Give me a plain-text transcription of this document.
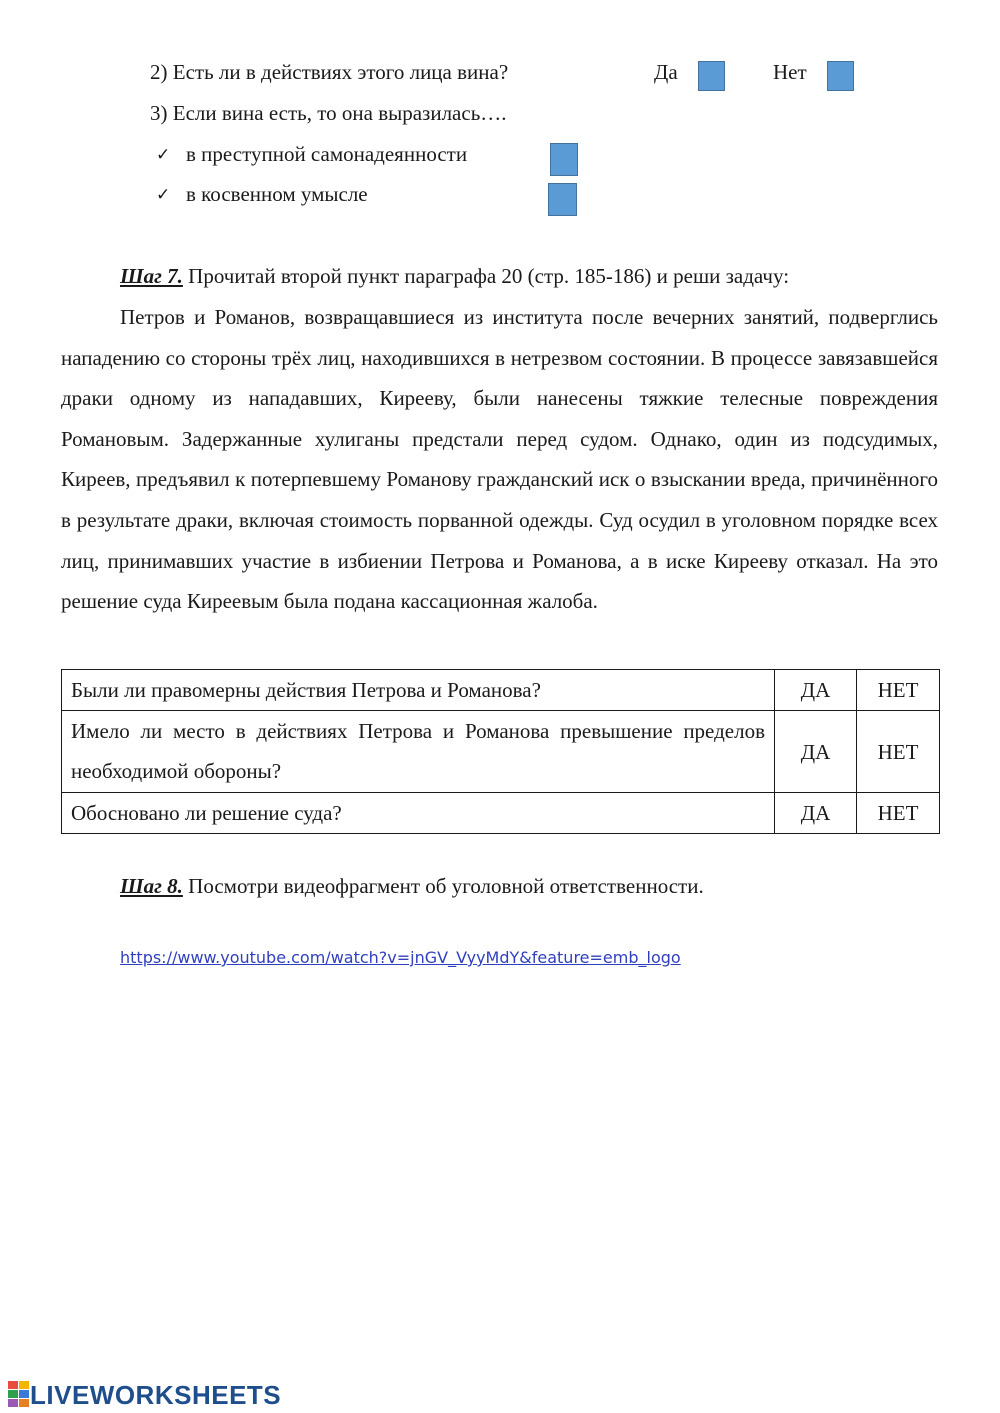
2) Есть ли в действиях этого лица вина?	Да	Нет
3) Если вина есть, то она выразилась….
✓ в преступной самонадеянности
✓ в косвенном умысле
Шаг 7. Прочитай второй пункт параграфа 20 (стр. 185-186) и реши задачу:

Петров и Романов, возвращавшиеся из института после вечерних занятий, подверглись нападению со стороны трёх лиц, находившихся в нетрезвом состоянии. В процессе завязавшейся драки одному из нападавших, Кирееву, были нанесены тяжкие телесные повреждения Романовым. Задержанные хулиганы предстали перед судом. Однако, один из подсудимых, Киреев, предъявил к потерпевшему Романову гражданский иск о взыскании вреда, причинённого в результате драки, включая стоимость порванной одежды. Суд осудил в уголовном порядке всех лиц, принимавших участие в избиении Петрова и Романова, а в иске Кирееву отказал. На это решение суда Киреевым была подана кассационная жалоба.

Были ли правомерны действия Петрова и Романова?	ДА	НЕТ
Имело ли место в действиях Петрова и Романова превышение пределов необходимой обороны?	ДА	НЕТ
Обосновано ли решение суда?	ДА	НЕТ
Шаг 8. Посмотри видеофрагмент об уголовной ответственности.
https://www.youtube.com/watch?v=jnGV_VyyMdY&feature=emb_logo
LIVEWORKSHEETS
